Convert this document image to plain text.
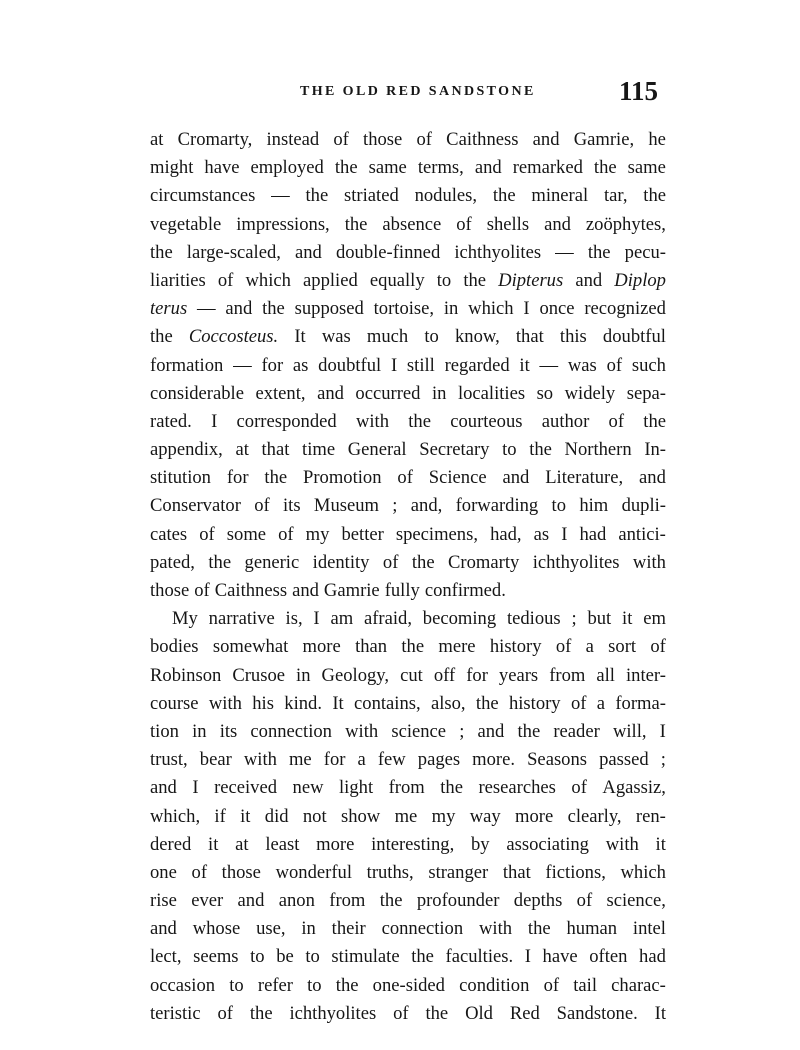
THE OLD RED SANDSTONE	115
at Cromarty, instead of those of Caithness and Gamrie, he
might have employed the same terms, and remarked the same
circumstances — the striated nodules, the mineral tar, the
vegetable impressions, the absence of shells and zoöphytes,
the large-scaled, and double-finned ichthyolites — the pecu-
liarities of which applied equally to the Dipterus and Diplop
terus — and the supposed tortoise, in which I once recognized
the Coccosteus. It was much to know, that this doubtful
formation — for as doubtful I still regarded it — was of such
considerable extent, and occurred in localities so widely sepa-
rated. I corresponded with the courteous author of the
appendix, at that time General Secretary to the Northern In-
stitution for the Promotion of Science and Literature, and
Conservator of its Museum ; and, forwarding to him dupli-
cates of some of my better specimens, had, as I had antici-
pated, the generic identity of the Cromarty ichthyolites with
those of Caithness and Gamrie fully confirmed.
My narrative is, I am afraid, becoming tedious ; but it em
bodies somewhat more than the mere history of a sort of
Robinson Crusoe in Geology, cut off for years from all inter-
course with his kind. It contains, also, the history of a forma-
tion in its connection with science ; and the reader will, I
trust, bear with me for a few pages more. Seasons passed ;
and I received new light from the researches of Agassiz,
which, if it did not show me my way more clearly, ren-
dered it at least more interesting, by associating with it
one of those wonderful truths, stranger that fictions, which
rise ever and anon from the profounder depths of science,
and whose use, in their connection with the human intel
lect, seems to be to stimulate the faculties. I have often had
occasion to refer to the one-sided condition of tail charac-
teristic of the ichthyolites of the Old Red Sandstone. It
